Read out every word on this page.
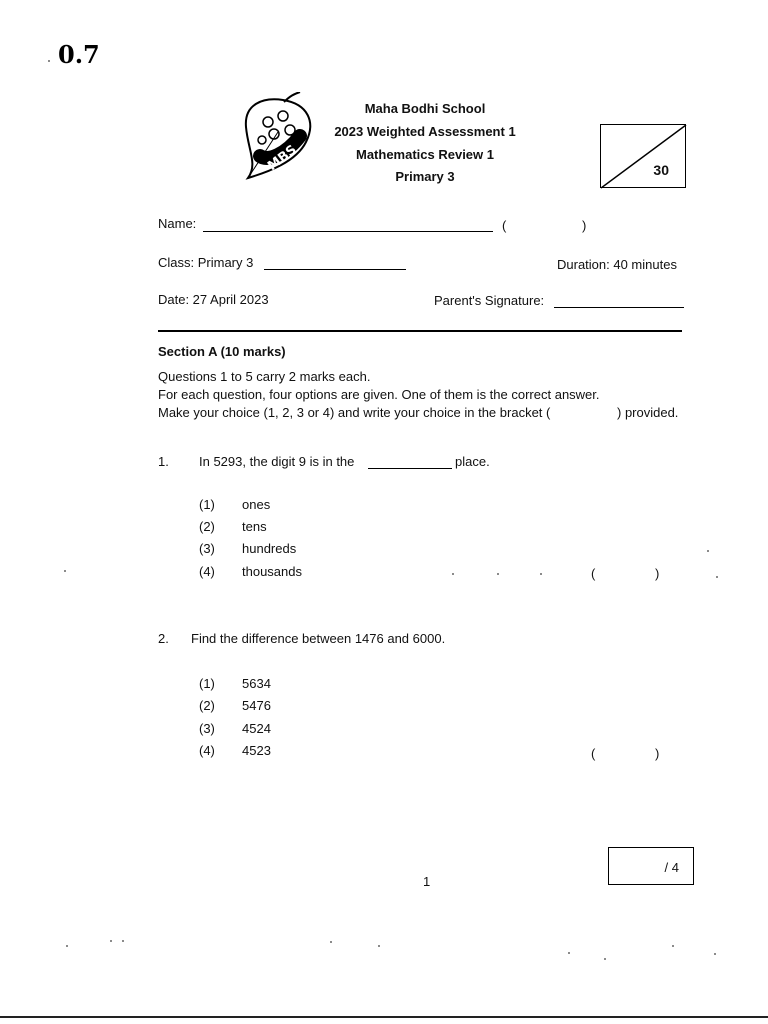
0.7
MBS
Maha Bodhi School
2023 Weighted Assessment 1
Mathematics Review 1
Primary 3	30
Name:	(	)
Class: Primary 3	Duration: 40 minutes
Date: 27 April 2023	Parent's Signature:
Section A (10 marks)
Questions 1 to 5 carry 2 marks each.
For each question, four options are given. One of them is the correct answer.
Make your choice (1, 2, 3 or 4) and write your choice in the bracket (	) provided.
1. In 5293, the digit 9 is in the	place.
(1) ones
(2) tens
(3) hundreds
(4) thousands	(	)
2. Find the difference between 1476 and 6000.
(1) 5634
(2) 5476
(3) 4524
(4) 4523	(	)
/ 4
1
